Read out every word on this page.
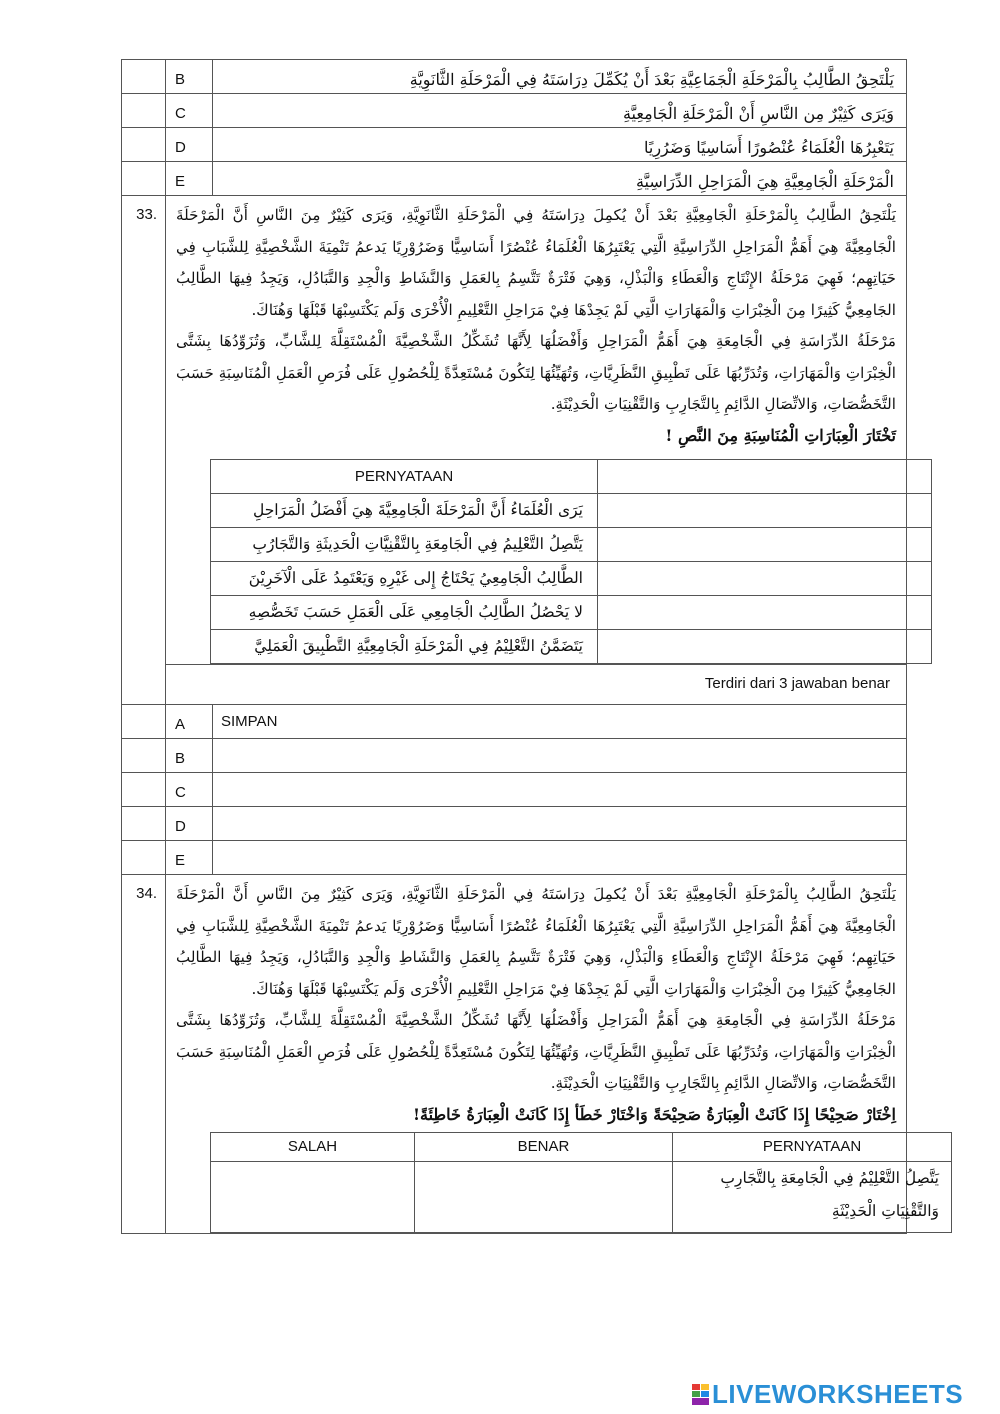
	B	يَلْتَحِقُ الطَّالِبُ بِالْمَرْحَلَةِ الْجَمَاعِيَّةِ بَعْدَ أَنْ يُكَمِّلَ دِرَاسَتَهُ فِي الْمَرْحَلَةِ الثَّانَوِيَّةِ
	C	وَيَرَى كَثِيْرٌ مِن النَّاسِ أَنْ الْمَرْحَلَةِ الْجَامِعِيَّةِ
	D	يَتَعْبِرُهَا الْعُلَمَاءُ عُنْصُورًا أَسَاسِيًا وَضَرُرِيًا
	E	الْمَرْحَلَةِ الْجَامِعِيَّةِ هِيَ الْمَرَاحِلِ الدِّرَاسِيَّةِ
33.	يَلْتَحِقُ الطَّالِبُ بِالْمَرْحَلَةِ الْجَامِعِيَّةِ بَعْدَ أَنْ يُكمِلَ دِرَاسَتَهُ فِي الْمَرْحَلَةِ الثَّانَوِيَّةِ، وَيَرَى كَثِيْرٌ مِنَ النَّاسِ أَنَّ الْمَرْحَلَةَ الْجَامِعِيَّةَ هِيَ أَهَمُّ الْمَرَاحِلِ الدِّرَاسِيَّةِ الَّتِي يَعْتَبِرُهَا الْعُلَمَاءُ عُنْصُرًا أَسَاسِيًّا وَضَرُوْرِيًا يَدعمُ تَنْمِيَةَ الشَّخْصِيَّةِ لِلشَّبَابِ فِي حَيَاتِهِم؛ فَهِيَ مَرْحَلَةُ الإِنْتَاجِ وَالْعَطَاءِ وَالْبَذْلِ، وَهِيَ فَتْرَةٌ تَتَّسِمُ بِالعَمَلِ وَالنَّشَاطِ وَالْجِدِ وَالتَّبَادُلِ، وَيَجِدُ فِيهَا الطَّالِبُ الجَامِعِيُّ كَثِيرًا مِنَ الْخِبْرَاتِ وَالْمَهَارَاتِ الَّتِي لَمْ يَجِدْهَا فِيْ مَرَاحِلِ التَّعْلِيمِ الْأُخْرَى وَلَم يَكْتَسِبْهَا قَبْلَهَا وَهُنَاكَ.

مَرْحَلَةُ الدِّرَاسَةِ فِي الْجَامِعَةِ هِيَ أَهَمُّ الْمَرَاحِلِ وَأَفْضَلُهَا لِأَنَّهَا تُشَكِّلُ الشَّخْصِيَّةَ الْمُسْتَقِلَّةَ لِلشَّابِّ، وَتُزَوِّدُهَا بِشَتَّى الْخِبْرَاتِ وَالْمَهَارَاتِ، وَتُدَرِّبُهَا عَلَى تَطْبِيقِ النَّظَرِيَّاتِ، وَتُهَيِّئُهَا لِتَكُونَ مُسْتَعِدَّةً لِلْحُصُولِ عَلَى فُرَصِ الْعَمَلِ الْمُنَاسِبَةِ حَسَبَ التَّخَصُّصَاتِ، وَالاتِّصَالِ الدَّائِمِ بِالتَّجَارِبِ وَالتَّقْنِيَاتِ الْحَدِيْثَةِ.

تَخْتَارَ الْعِبَارَاتِ الْمُنَاسِبَةِ مِنَ النَّصِ !
PERNYATAAN	
يَرَى الْعُلَمَاءُ أَنَّ الْمَرْحَلَةَ الْجَامِعِيَّةَ هِيَ أَفْضَلُ الْمَرَاحِلِ	
يَتَّصِلُ التَّعْلِيمُ فِي الْجَامِعَةِ بِالتَّقْنِيَّاتِ الْحَدِيثَةِ وَالتَّجَارُبِ	
الطَّالِبُ الْجَامِعِيُ يَحْتَاجُ إِلى غَيْرِهِ وَيَعْتَمِدُ عَلَى الْآخَرِيْنَ	
لا يَحْصُلُ الطَّالِبُ الْجَامِعِي عَلَى الْعَمَلِ حَسَبَ تَخَصُّصِهِ	
يَتَضَمَّنُ التَّعْلِيْمُ فِي الْمَرْحَلَةِ الْجَامِعِيَّةِ التَّطْبِيقَ الْعَمَلِيَّ	
Terdiri dari 3 jawaban benar

	A	SIMPAN
	B	
	C	
	D	
	E	
34.	يَلْتَحِقُ الطَّالِبُ بِالْمَرْحَلَةِ الْجَامِعِيَّةِ بَعْدَ أَنْ يُكمِلَ دِرَاسَتَهُ فِي الْمَرْحَلَةِ الثَّانَوِيَّةِ، وَيَرَى كَثِيْرٌ مِنَ النَّاسِ أَنَّ الْمَرْحَلَةَ الْجَامِعِيَّةَ هِيَ أَهَمُّ الْمَرَاحِلِ الدِّرَاسِيَّةِ الَّتِي يَعْتَبِرُهَا الْعُلَمَاءُ عُنْصُرًا أَسَاسِيًّا وَضَرُوْرِيًا يَدعمُ تَنْمِيَةَ الشَّخْصِيَّةِ لِلشَّبَابِ فِي حَيَاتِهِم؛ فَهِيَ مَرْحَلَةُ الإِنْتَاجِ وَالْعَطَاءِ وَالْبَذْلِ، وَهِيَ فَتْرَةٌ تَتَّسِمُ بِالعَمَلِ وَالنَّشَاطِ وَالْجِدِ وَالتَّبَادُلِ، وَيَجِدُ فِيهَا الطَّالِبُ الجَامِعِيُّ كَثِيرًا مِنَ الْخِبْرَاتِ وَالْمَهَارَاتِ الَّتِي لَمْ يَجِدْهَا فِيْ مَرَاحِلِ التَّعْلِيمِ الْأُخْرَى وَلَم يَكْتَسِبْهَا قَبْلَهَا وَهُنَاكَ.

مَرْحَلَةُ الدِّرَاسَةِ فِي الْجَامِعَةِ هِيَ أَهَمُّ الْمَرَاحِلِ وَأَفْضَلُهَا لِأَنَّهَا تُشَكِّلُ الشَّخْصِيَّةَ الْمُسْتَقِلَّةَ لِلشَّابِّ، وَتُزَوِّدُهَا بِشَتَّى الْخِبْرَاتِ وَالْمَهَارَاتِ، وَتُدَرِّبُهَا عَلَى تَطْبِيقِ النَّظَرِيَّاتِ، وَتُهَيِّئُهَا لِتَكُونَ مُسْتَعِدَّةً لِلْحُصُولِ عَلَى فُرَصِ الْعَمَلِ الْمُنَاسِبَةِ حَسَبَ التَّخَصُّصَاتِ، وَالاتِّصَالِ الدَّائِمِ بِالتَّجَارِبِ وَالتَّقْنِيَاتِ الْحَدِيْثَةِ.

اِخْتَارْ صَحِيْحًا إِذَا كَانَتْ الْعِبَارَةُ صَحِيْحَةً وَاخْتَارْ خَطَأ إِذَا كَانَتْ الْعِبَارَةُ خَاطِئَةً!
SALAH	BENAR	PERNYATAAN
		يَتَّصِلُ التَّعْلِيْمُ فِي الْجَامِعَةِ بِالتَّجَارِبِ وَالتَّقْنِيَاتِ الْحَدِيْثَةِ
LIVEWORKSHEETS
